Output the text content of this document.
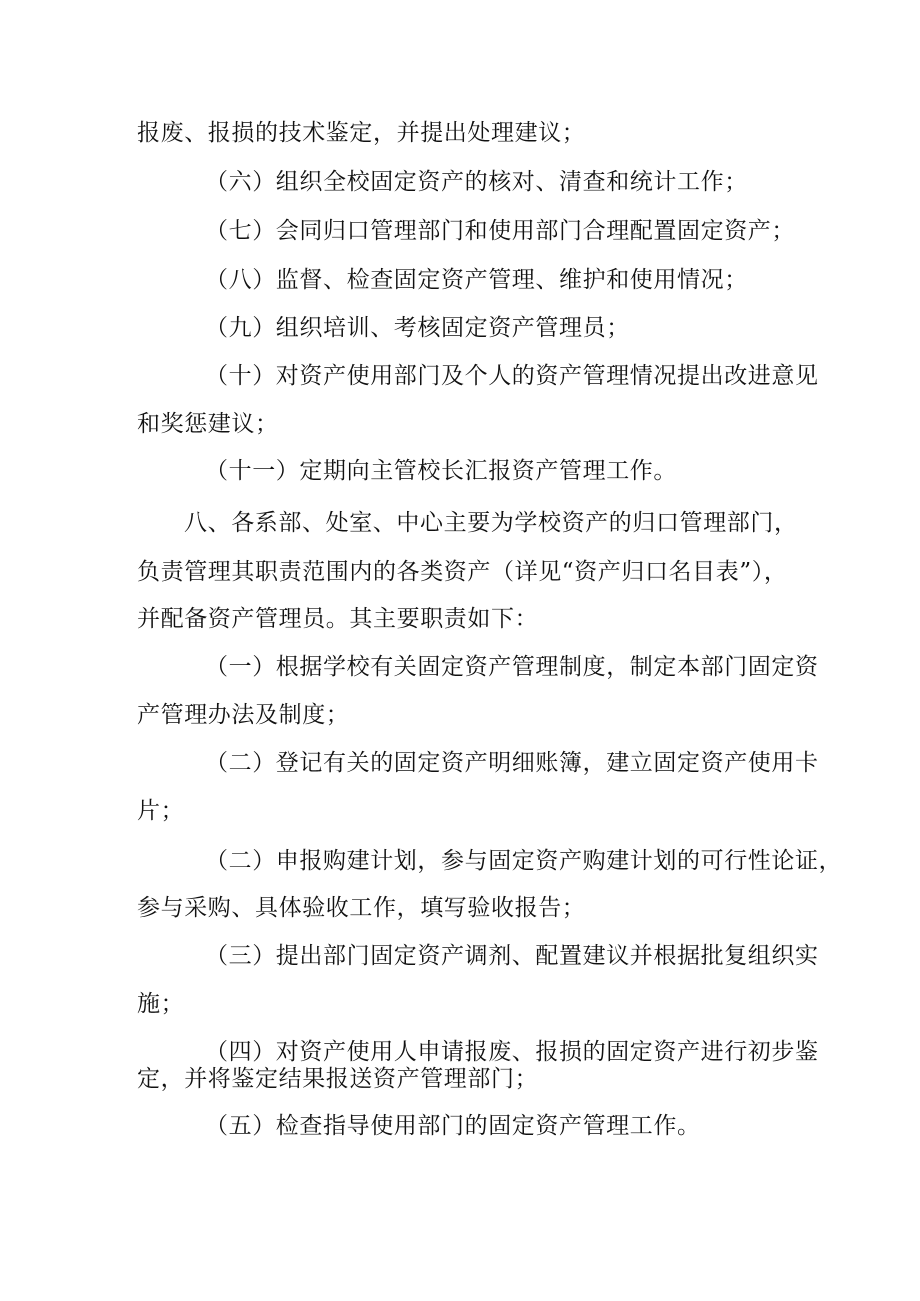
报废、报损的技术鉴定，并提出处理建议；

（六）组织全校固定资产的核对、清查和统计工作；

（七）会同归口管理部门和使用部门合理配置固定资产；

（八）监督、检查固定资产管理、维护和使用情况；

（九）组织培训、考核固定资产管理员；

（十）对资产使用部门及个人的资产管理情况提出改进意见

和奖惩建议；

（十一）定期向主管校长汇报资产管理工作。

八、各系部、处室、中心主要为学校资产的归口管理部门，

负责管理其职责范围内的各类资产（详见“资产归口名目表”），

并配备资产管理员。其主要职责如下：

（一）根据学校有关固定资产管理制度，制定本部门固定资

产管理办法及制度；

（二）登记有关的固定资产明细账簿，建立固定资产使用卡

片；

（二）申报购建计划，参与固定资产购建计划的可行性论证，

参与采购、具体验收工作，填写验收报告；

（三）提出部门固定资产调剂、配置建议并根据批复组织实

施；

（四）对资产使用人申请报废、报损的固定资产进行初步鉴

定，并将鉴定结果报送资产管理部门；

（五）检查指导使用部门的固定资产管理工作。
